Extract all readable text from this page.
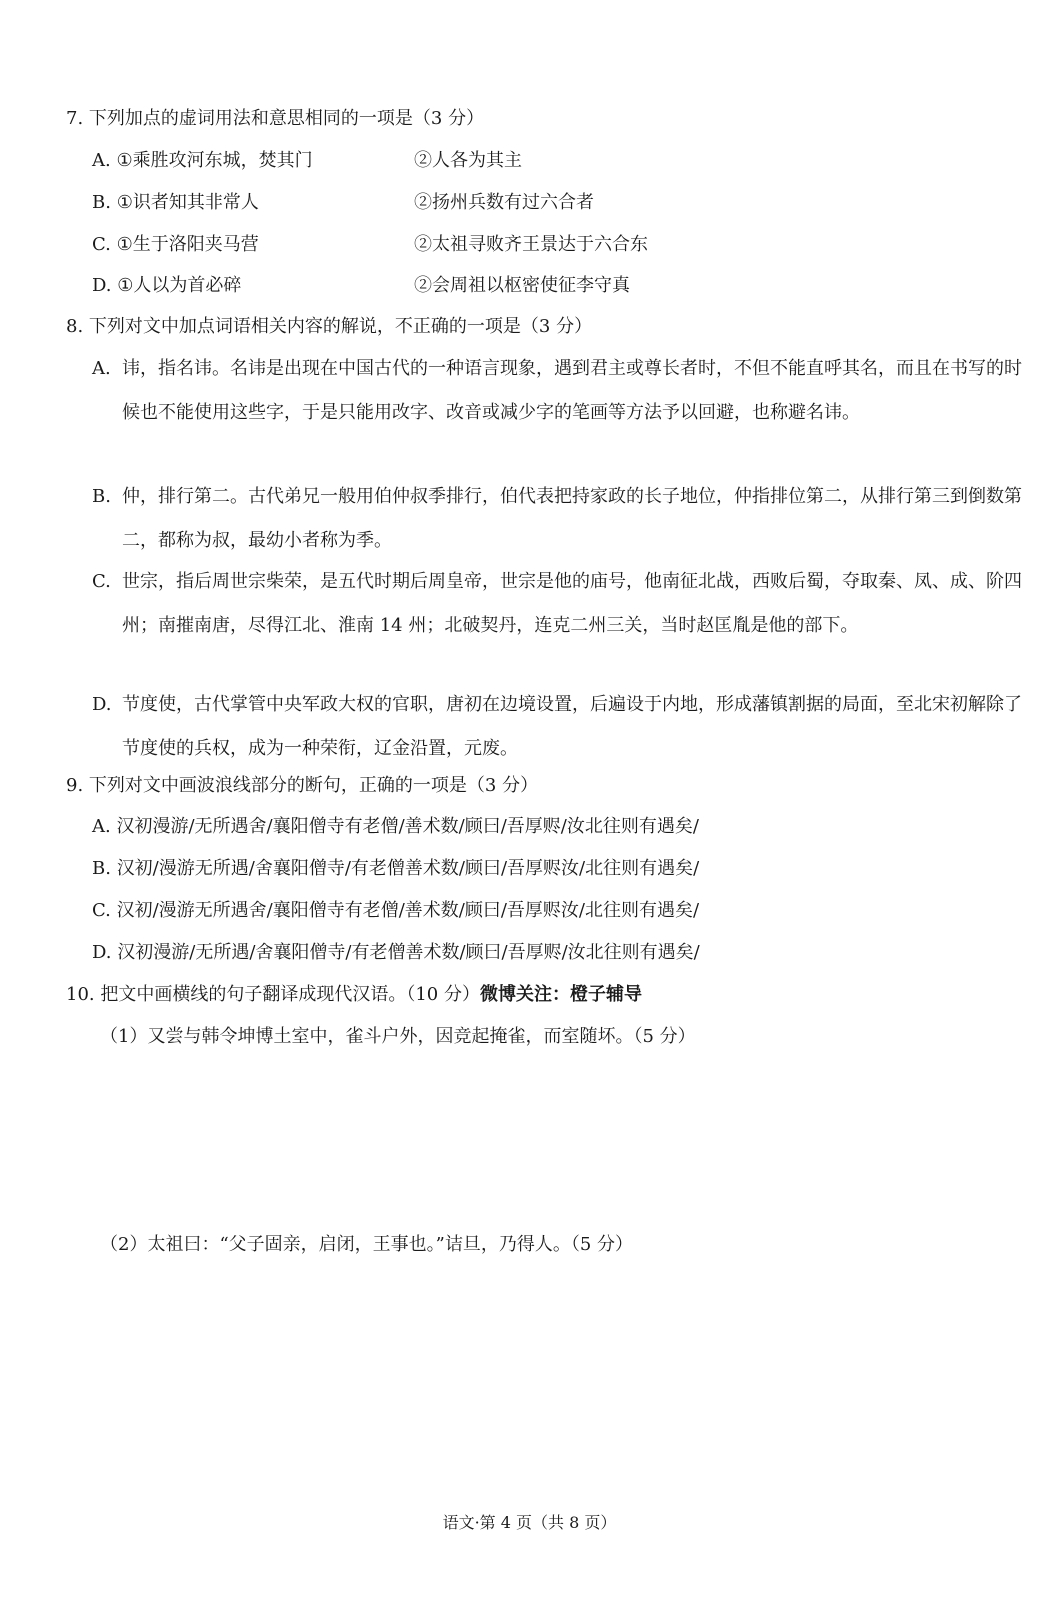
7. 下列加点的虚词用法和意思相同的一项是（3 分）
A. ①乘胜攻河东城，焚其门	②人各为其主
B. ①识者知其非常人	②扬州兵数有过六合者
C. ①生于洛阳夹马营	②太祖寻败齐王景达于六合东
D. ①人以为首必碎	②会周祖以枢密使征李守真
8. 下列对文中加点词语相关内容的解说，不正确的一项是（3 分）
A. 讳，指名讳。名讳是出现在中国古代的一种语言现象，遇到君主或尊长者时，不但不能直呼其名，而且在书写的时候也不能使用这些字，于是只能用改字、改音或减少字的笔画等方法予以回避，也称避名讳。
B. 仲，排行第二。古代弟兄一般用伯仲叔季排行，伯代表把持家政的长子地位，仲指排位第二，从排行第三到倒数第二，都称为叔，最幼小者称为季。
C. 世宗，指后周世宗柴荣，是五代时期后周皇帝，世宗是他的庙号，他南征北战，西败后蜀，夺取秦、凤、成、阶四州；南摧南唐，尽得江北、淮南 14 州；北破契丹，连克二州三关，当时赵匡胤是他的部下。
D. 节度使，古代掌管中央军政大权的官职，唐初在边境设置，后遍设于内地，形成藩镇割据的局面，至北宋初解除了节度使的兵权，成为一种荣衔，辽金沿置，元废。
9. 下列对文中画波浪线部分的断句，正确的一项是（3 分）
A. 汉初漫游/无所遇舍/襄阳僧寺有老僧/善术数/顾曰/吾厚赆/汝北往则有遇矣/
B. 汉初/漫游无所遇/舍襄阳僧寺/有老僧善术数/顾曰/吾厚赆汝/北往则有遇矣/
C. 汉初/漫游无所遇舍/襄阳僧寺有老僧/善术数/顾曰/吾厚赆汝/北往则有遇矣/
D. 汉初漫游/无所遇/舍襄阳僧寺/有老僧善术数/顾曰/吾厚赆/汝北往则有遇矣/
10. 把文中画横线的句子翻译成现代汉语。（10 分）微博关注：橙子辅导
（1）又尝与韩令坤博土室中，雀斗户外，因竞起掩雀，而室随坏。（5 分）
（2）太祖曰：“父子固亲，启闭，王事也。”诘旦，乃得人。（5 分）
语文·第 4 页（共 8 页）
